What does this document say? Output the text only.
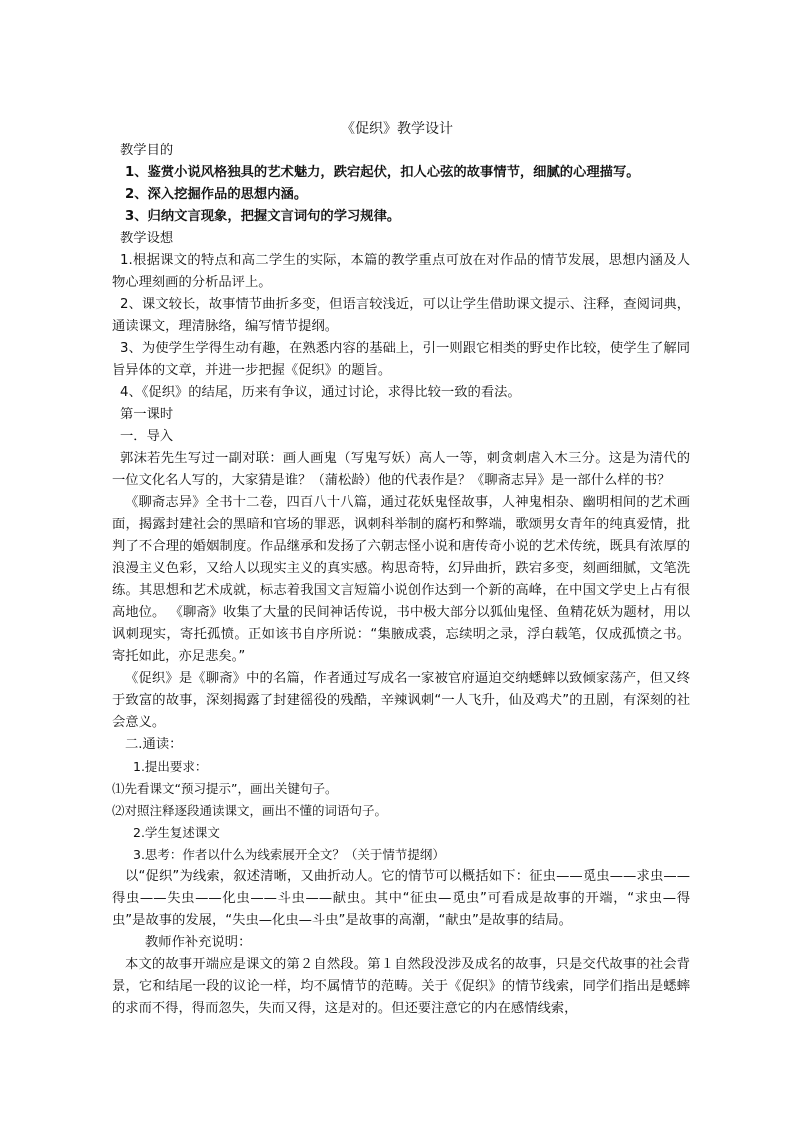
《促织》教学设计

教学目的

1、鉴赏小说风格独具的艺术魅力，跌宕起伏，扣人心弦的故事情节，细腻的心理描写。

2、深入挖掘作品的思想内涵。

3、归纳文言现象，把握文言词句的学习规律。

教学设想

1.根据课文的特点和高二学生的实际，本篇的教学重点可放在对作品的情节发展，思想内涵及人物心理刻画的分析品评上。

2、课文较长，故事情节曲折多变，但语言较浅近，可以让学生借助课文提示、注释，查阅词典，通读课文，理清脉络，编写情节提纲。

3、为使学生学得生动有趣，在熟悉内容的基础上，引一则跟它相类的野史作比较，使学生了解同旨异体的文章，并进一步把握《促织》的题旨。

4、《促织》的结尾，历来有争议，通过讨论，求得比较一致的看法。

第一课时

一．导入

郭沫若先生写过一副对联：画人画鬼（写鬼写妖）高人一等，刺贪刺虐入木三分。这是为清代的一位文化名人写的，大家猜是谁？（蒲松龄）他的代表作是？《聊斋志异》是一部什么样的书？

《聊斋志异》全书十二卷，四百八十八篇，通过花妖鬼怪故事，人神鬼相杂、幽明相间的艺术画面，揭露封建社会的黑暗和官场的罪恶，讽刺科举制的腐朽和弊端，歌颂男女青年的纯真爱情，批判了不合理的婚姻制度。作品继承和发扬了六朝志怪小说和唐传奇小说的艺术传统，既具有浓厚的浪漫主义色彩，又给人以现实主义的真实感。构思奇特，幻异曲折，跌宕多变，刻画细腻，文笔洗练。其思想和艺术成就，标志着我国文言短篇小说创作达到一个新的高峰，在中国文学史上占有很高地位。 《聊斋》收集了大量的民间神话传说，书中极大部分以狐仙鬼怪、鱼精花妖为题材，用以讽刺现实，寄托孤愤。正如该书自序所说：“集腋成裘，忘续明之录，浮白载笔，仅成孤愤之书。寄托如此，亦足悲矣。”

《促织》是《聊斋》中的名篇，作者通过写成名一家被官府逼迫交纳蟋蟀以致倾家荡产，但又终于致富的故事，深刻揭露了封建徭役的残酷，辛辣讽刺“一人飞升，仙及鸡犬”的丑剧，有深刻的社会意义。

二.通读：

1.提出要求：

⑴先看课文“预习提示”，画出关键句子。

⑵对照注释逐段通读课文，画出不懂的词语句子。

2.学生复述课文

3.思考：作者以什么为线索展开全文？（关于情节提纲）

以“促织”为线索，叙述清晰，又曲折动人。它的情节可以概括如下：征虫——觅虫——求虫——得虫——失虫——化虫——斗虫——献虫。其中“征虫—觅虫”可看成是故事的开端，“求虫—得虫”是故事的发展，“失虫—化虫—斗虫”是故事的高潮，“献虫”是故事的结局。

教师作补充说明：

本文的故事开端应是课文的第２自然段。第１自然段没涉及成名的故事，只是交代故事的社会背景，它和结尾一段的议论一样，均不属情节的范畴。关于《促织》的情节线索，同学们指出是蟋蟀的求而不得，得而忽失，失而又得，这是对的。但还要注意它的内在感情线索，
